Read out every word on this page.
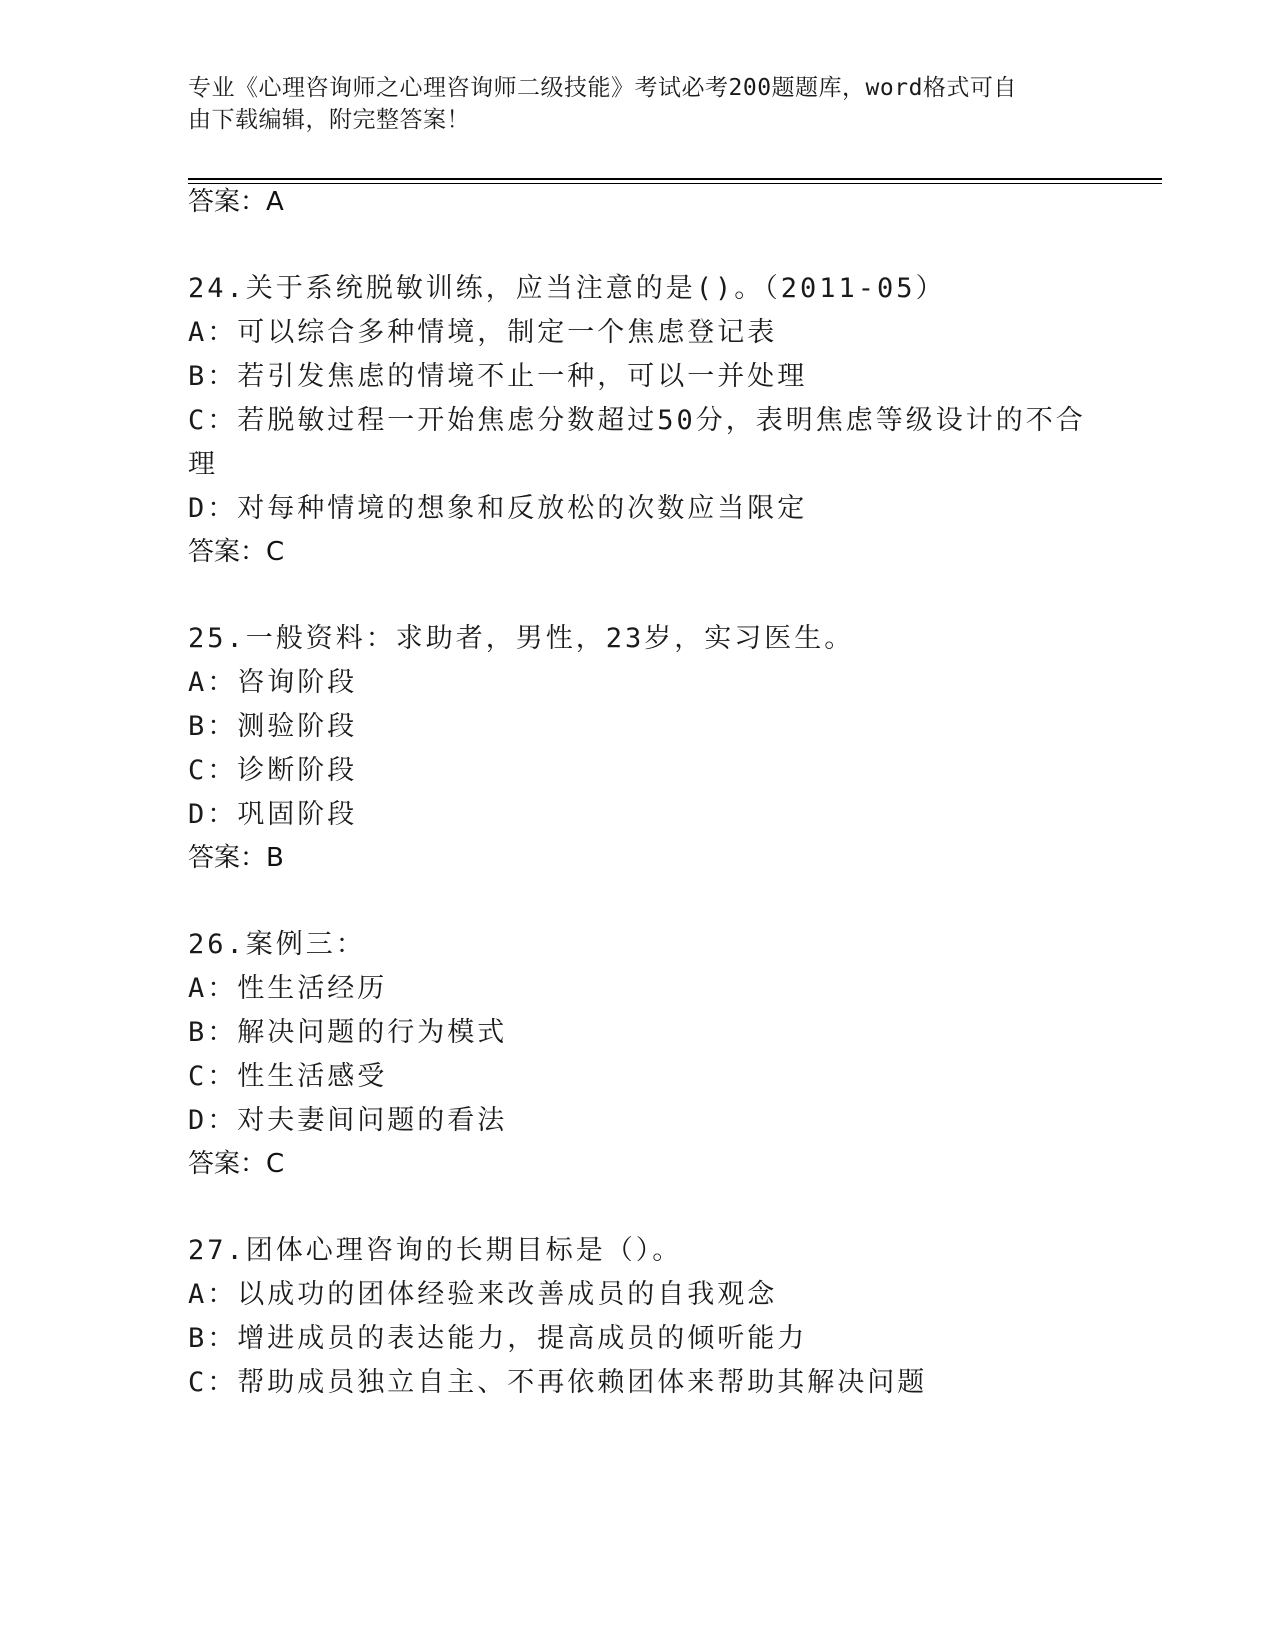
专业《心理咨询师之心理咨询师二级技能》考试必考200题题库，word格式可自
由下载编辑，附完整答案！
答案：A
24.关于系统脱敏训练，应当注意的是()。（2011-05）
A：可以综合多种情境，制定一个焦虑登记表
B：若引发焦虑的情境不止一种，可以一并处理
C：若脱敏过程一开始焦虑分数超过50分，表明焦虑等级设计的不合
理
D：对每种情境的想象和反放松的次数应当限定
答案：C
25.一般资料：求助者，男性，23岁，实习医生。
A：咨询阶段
B：测验阶段
C：诊断阶段
D：巩固阶段
答案：B
26.案例三：
A：性生活经历
B：解决问题的行为模式
C：性生活感受
D：对夫妻间问题的看法
答案：C
27.团体心理咨询的长期目标是（）。
A：以成功的团体经验来改善成员的自我观念
B：增进成员的表达能力，提高成员的倾听能力
C：帮助成员独立自主、不再依赖团体来帮助其解决问题
